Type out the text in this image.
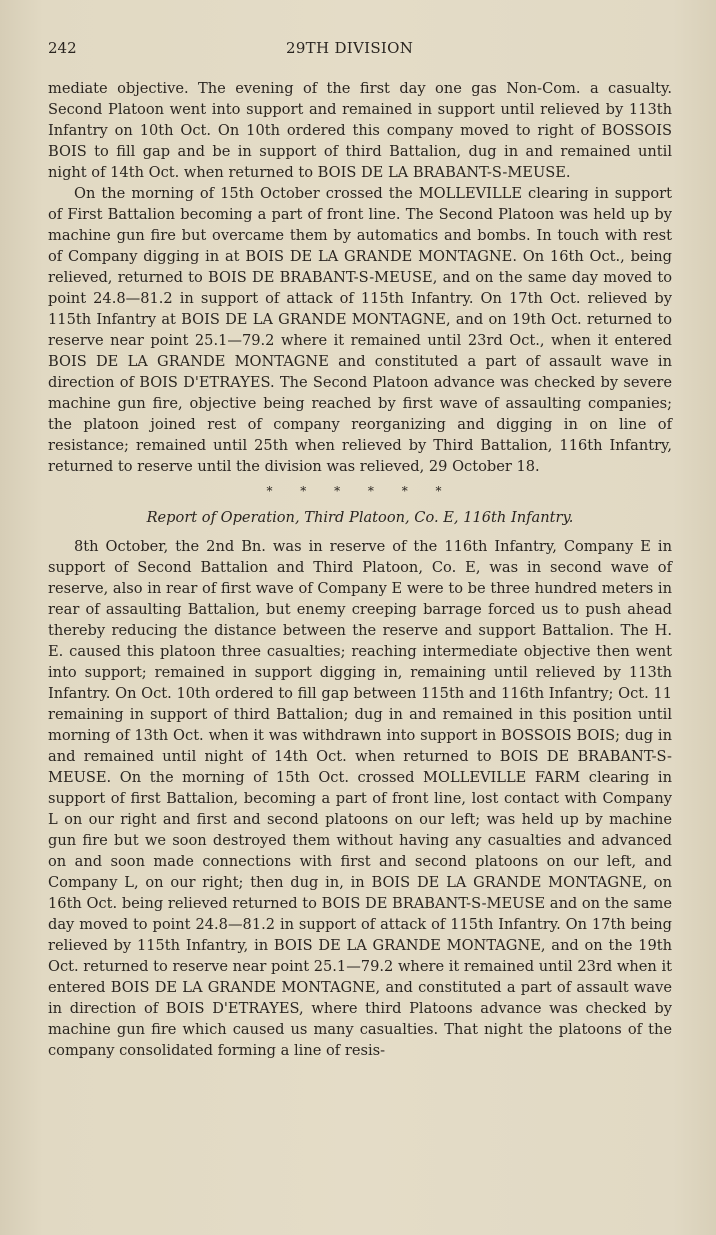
242	29TH DIVISION

mediate objective. The evening of the first day one gas Non-Com. a casualty. Second Platoon went into support and remained in support until relieved by 113th Infantry on 10th Oct. On 10th ordered this company moved to right of BOSSOIS BOIS to fill gap and be in support of third Battalion, dug in and remained until night of 14th Oct. when returned to BOIS DE LA BRABANT-S-MEUSE.

On the morning of 15th October crossed the MOLLEVILLE clearing in support of First Battalion becoming a part of front line. The Second Platoon was held up by machine gun fire but overcame them by automatics and bombs. In touch with rest of Company digging in at BOIS DE LA GRANDE MONTAGNE. On 16th Oct., being relieved, returned to BOIS DE BRABANT-S-MEUSE, and on the same day moved to point 24.8—81.2 in support of attack of 115th Infantry. On 17th Oct. relieved by 115th Infantry at BOIS DE LA GRANDE MONTAGNE, and on 19th Oct. returned to reserve near point 25.1—79.2 where it remained until 23rd Oct., when it entered BOIS DE LA GRANDE MONTAGNE and constituted a part of assault wave in direction of BOIS D'ETRAYES. The Second Platoon advance was checked by severe machine gun fire, objective being reached by first wave of assaulting companies; the platoon joined rest of company reorganizing and digging in on line of resistance; remained until 25th when relieved by Third Battalion, 116th Infantry, returned to reserve until the division was relieved, 29 October 18.

* * * * * *
Report of Operation, Third Platoon, Co. E, 116th Infantry.

8th October, the 2nd Bn. was in reserve of the 116th Infantry, Company E in support of Second Battalion and Third Platoon, Co. E, was in second wave of reserve, also in rear of first wave of Company E were to be three hundred meters in rear of assaulting Battalion, but enemy creeping barrage forced us to push ahead thereby reducing the distance between the reserve and support Battalion. The H. E. caused this platoon three casualties; reaching intermediate objective then went into support; remained in support digging in, remaining until relieved by 113th Infantry. On Oct. 10th ordered to fill gap between 115th and 116th Infantry; Oct. 11 remaining in support of third Battalion; dug in and remained in this position until morning of 13th Oct. when it was withdrawn into support in BOSSOIS BOIS; dug in and remained until night of 14th Oct. when returned to BOIS DE BRABANT-S-MEUSE. On the morning of 15th Oct. crossed MOLLEVILLE FARM clearing in support of first Battalion, becoming a part of front line, lost contact with Company L on our right and first and second platoons on our left; was held up by machine gun fire but we soon destroyed them without having any casualties and advanced on and soon made connections with first and second platoons on our left, and Company L, on our right; then dug in, in BOIS DE LA GRANDE MONTAGNE, on 16th Oct. being relieved returned to BOIS DE BRABANT-S-MEUSE and on the same day moved to point 24.8—81.2 in support of attack of 115th Infantry. On 17th being relieved by 115th Infantry, in BOIS DE LA GRANDE MONTAGNE, and on the 19th Oct. returned to reserve near point 25.1—79.2 where it remained until 23rd when it entered BOIS DE LA GRANDE MONTAGNE, and constituted a part of assault wave in direction of BOIS D'ETRAYES, where third Platoons advance was checked by machine gun fire which caused us many casualties. That night the platoons of the company consolidated forming a line of resis-
